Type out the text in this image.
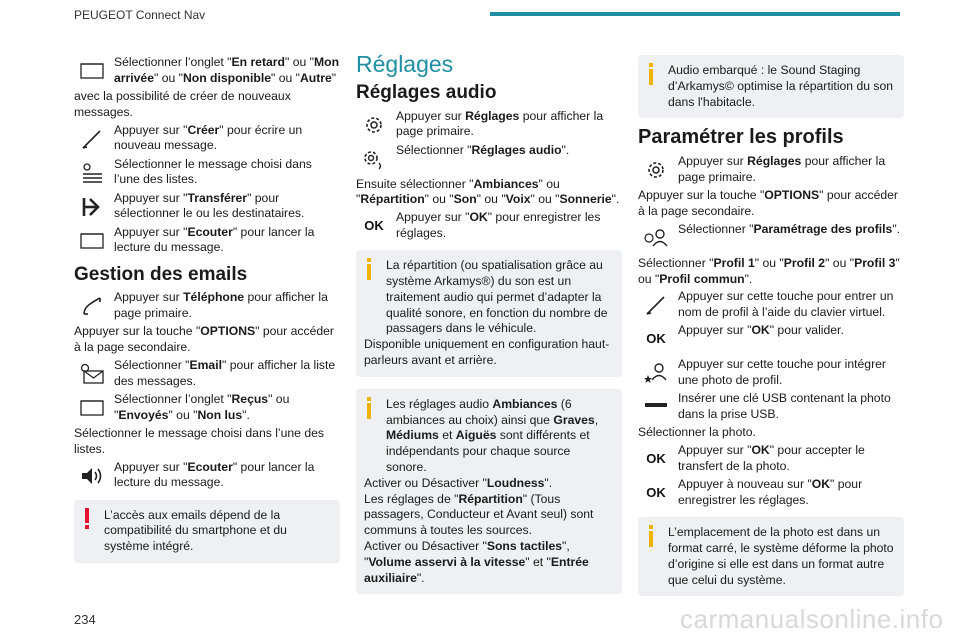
PEUGEOT Connect Nav
Sélectionner l’onglet "En retard" ou "Mon arrivée" ou "Non disponible" ou "Autre"
avec la possibilité de créer de nouveaux messages.
Appuyer sur "Créer" pour écrire un nouveau message.
Sélectionner le message choisi dans l’une des listes.
Appuyer sur "Transférer" pour sélectionner le ou les destinataires.
Appuyer sur "Ecouter" pour lancer la lecture du message.
Gestion des emails
Appuyer sur Téléphone pour afficher la page primaire.
Appuyer sur la touche "OPTIONS" pour accéder à la page secondaire.
Sélectionner "Email" pour afficher la liste des messages.
Sélectionner l’onglet "Reçus" ou "Envoyés" ou "Non lus".
Sélectionner le message choisi dans l’une des listes.
Appuyer sur "Ecouter" pour lancer la lecture du message.
L’accès aux emails dépend de la compatibilité du smartphone et du système intégré.
Réglages
Réglages audio
Appuyer sur Réglages pour afficher la page primaire.
Sélectionner "Réglages audio".
Ensuite sélectionner "Ambiances" ou "Répartition" ou "Son" ou "Voix" ou "Sonnerie".
OK
Appuyer sur "OK" pour enregistrer les réglages.
La répartition (ou spatialisation grâce au système Arkamys®) du son est un traitement audio qui permet d’adapter la qualité sonore, en fonction du nombre de passagers dans le véhicule.
Disponible uniquement en configuration haut-parleurs avant et arrière.
Les réglages audio Ambiances (6 ambiances au choix) ainsi que Graves, Médiums et Aiguës sont différents et indépendants pour chaque source sonore.
Activer ou Désactiver "Loudness".
Les réglages de "Répartition" (Tous passagers, Conducteur et Avant seul) sont communs à toutes les sources.
Activer ou Désactiver "Sons tactiles", "Volume asservi à la vitesse" et "Entrée auxiliaire".
Audio embarqué : le Sound Staging d’Arkamys© optimise la répartition du son dans l'habitacle.
Paramétrer les profils
Appuyer sur Réglages pour afficher la page primaire.
Appuyer sur la touche "OPTIONS" pour accéder à la page secondaire.
Sélectionner "Paramétrage des profils".
Sélectionner "Profil 1" ou "Profil 2" ou "Profil 3" ou "Profil commun".
Appuyer sur cette touche pour entrer un nom de profil à l’aide du clavier virtuel.
OK
Appuyer sur "OK" pour valider.
Appuyer sur cette touche pour intégrer une photo de profil.
Insérer une clé USB contenant la photo dans la prise USB.
Sélectionner la photo.
OK
Appuyer sur "OK" pour accepter le transfert de la photo.
OK
Appuyer à nouveau sur "OK" pour enregistrer les réglages.
L’emplacement de la photo est dans un format carré, le système déforme la photo d’origine si elle est dans un format autre que celui du système.
234	carmanualsonline.info
